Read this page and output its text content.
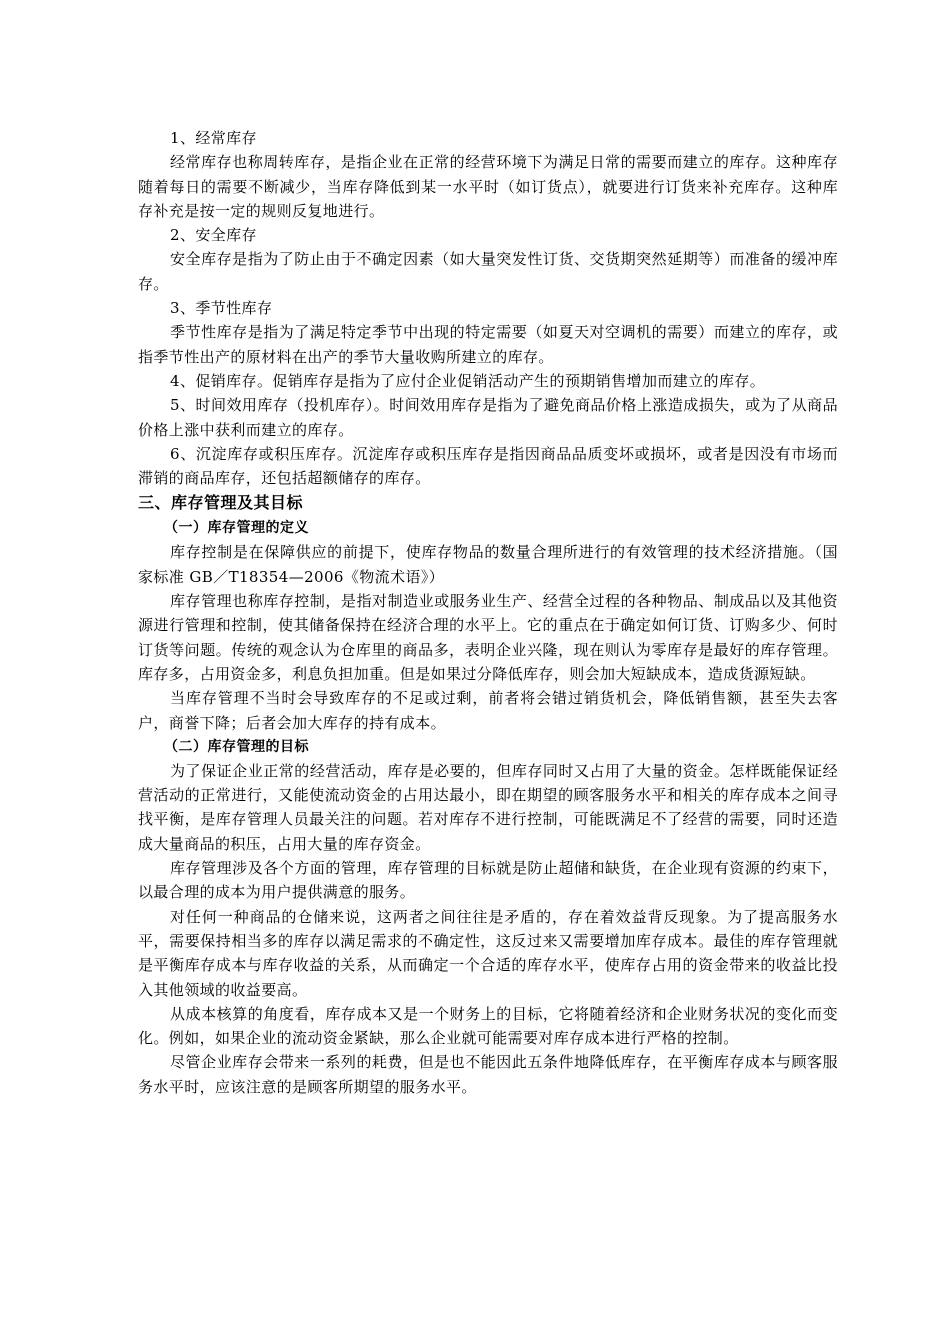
1、经常库存

经常库存也称周转库存，是指企业在正常的经营环境下为满足日常的需要而建立的库存。这种库存随着每日的需要不断减少，当库存降低到某一水平时（如订货点），就要进行订货来补充库存。这种库存补充是按一定的规则反复地进行。

2、安全库存

安全库存是指为了防止由于不确定因素（如大量突发性订货、交货期突然延期等）而准备的缓冲库存。

3、季节性库存

季节性库存是指为了满足特定季节中出现的特定需要（如夏天对空调机的需要）而建立的库存，或指季节性出产的原材料在出产的季节大量收购所建立的库存。

4、促销库存。促销库存是指为了应付企业促销活动产生的预期销售增加而建立的库存。

5、时间效用库存（投机库存）。时间效用库存是指为了避免商品价格上涨造成损失，或为了从商品价格上涨中获利而建立的库存。

6、沉淀库存或积压库存。沉淀库存或积压库存是指因商品品质变坏或损坏，或者是因没有市场而滞销的商品库存，还包括超额储存的库存。

三、库存管理及其目标
（一）库存管理的定义

库存控制是在保障供应的前提下，使库存物品的数量合理所进行的有效管理的技术经济措施。（国家标准 GB／T18354—2006《物流术语》）

库存管理也称库存控制，是指对制造业或服务业生产、经营全过程的各种物品、制成品以及其他资源进行管理和控制，使其储备保持在经济合理的水平上。它的重点在于确定如何订货、订购多少、何时订货等问题。传统的观念认为仓库里的商品多，表明企业兴隆，现在则认为零库存是最好的库存管理。库存多，占用资金多，利息负担加重。但是如果过分降低库存，则会加大短缺成本，造成货源短缺。

当库存管理不当时会导致库存的不足或过剩，前者将会错过销货机会，降低销售额，甚至失去客户，商誉下降；后者会加大库存的持有成本。

（二）库存管理的目标

为了保证企业正常的经营活动，库存是必要的，但库存同时又占用了大量的资金。怎样既能保证经营活动的正常进行，又能使流动资金的占用达最小，即在期望的顾客服务水平和相关的库存成本之间寻找平衡，是库存管理人员最关注的问题。若对库存不进行控制，可能既满足不了经营的需要，同时还造成大量商品的积压，占用大量的库存资金。

库存管理涉及各个方面的管理，库存管理的目标就是防止超储和缺货，在企业现有资源的约束下，以最合理的成本为用户提供满意的服务。

对任何一种商品的仓储来说，这两者之间往往是矛盾的，存在着效益背反现象。为了提高服务水平，需要保持相当多的库存以满足需求的不确定性，这反过来又需要增加库存成本。最佳的库存管理就是平衡库存成本与库存收益的关系，从而确定一个合适的库存水平，使库存占用的资金带来的收益比投入其他领域的收益要高。

从成本核算的角度看，库存成本又是一个财务上的目标，它将随着经济和企业财务状况的变化而变化。例如，如果企业的流动资金紧缺，那么企业就可能需要对库存成本进行严格的控制。

尽管企业库存会带来一系列的耗费，但是也不能因此五条件地降低库存，在平衡库存成本与顾客服务水平时，应该注意的是顾客所期望的服务水平。
